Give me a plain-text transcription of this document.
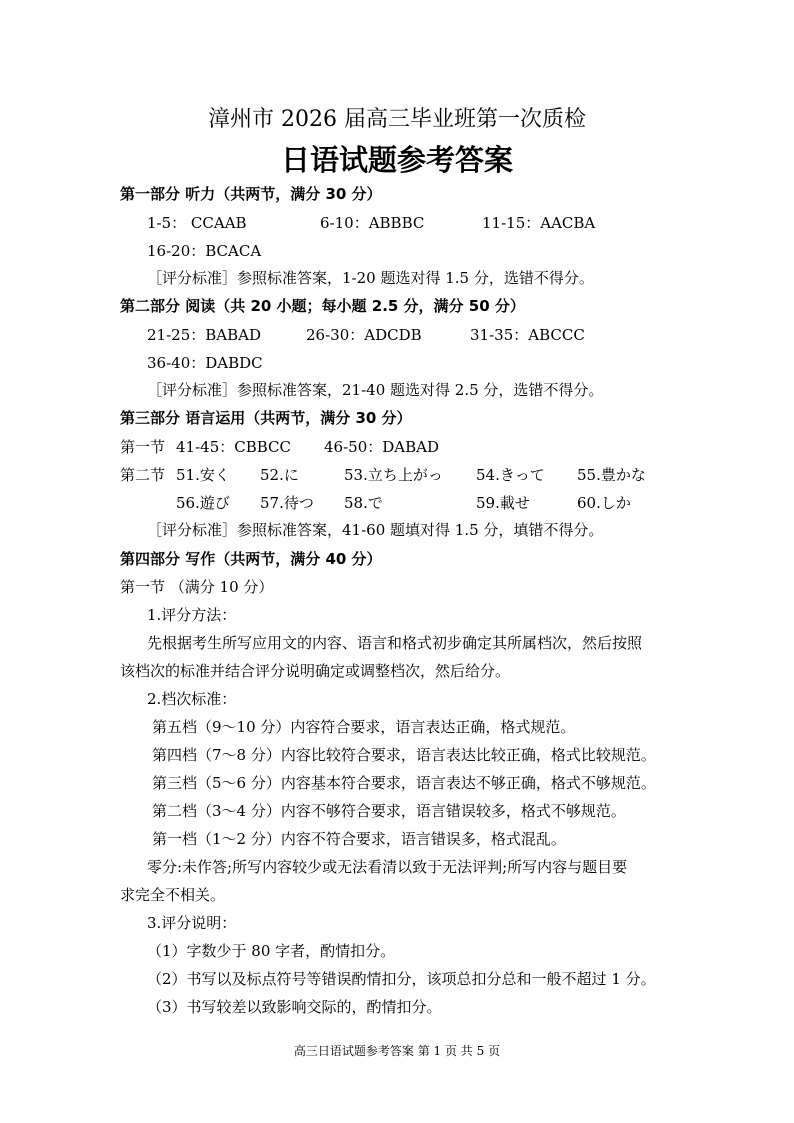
漳州市 2026 届高三毕业班第一次质检
日语试题参考答案
第一部分 听力（共两节，满分 30 分）
1-5： CCAAB	6-10：ABBBC	11-15：AACBA
16-20：BCACA
［评分标准］参照标准答案，1-20 题选对得 1.5 分，选错不得分。
第二部分 阅读（共 20 小题；每小题 2.5 分，满分 50 分）
21-25：BABAD	26-30：ADCDB	31-35：ABCCC
36-40：DABDC
［评分标准］参照标准答案，21-40 题选对得 2.5 分，选错不得分。
第三部分 语言运用（共两节，满分 30 分）
第一节 41-45：CBBCC 46-50：DABAD
第二节 51.安く 52.に	53.立ち上がっ 54.きって 55.豊かな
56.遊び 57.待つ 58.で	59.載せ	60.しか
［评分标准］参照标准答案，41-60 题填对得 1.5 分，填错不得分。
第四部分 写作（共两节，满分 40 分）
第一节 （满分 10 分）
1.评分方法：
先根据考生所写应用文的内容、语言和格式初步确定其所属档次，然后按照
该档次的标准并结合评分说明确定或调整档次，然后给分。
2.档次标准：
第五档（9～10 分）内容符合要求，语言表达正确，格式规范。
第四档（7～8 分）内容比较符合要求，语言表达比较正确，格式比较规范。
第三档（5～6 分）内容基本符合要求，语言表达不够正确，格式不够规范。
第二档（3～4 分）内容不够符合要求，语言错误较多，格式不够规范。
第一档（1～2 分）内容不符合要求，语言错误多，格式混乱。
零分:未作答;所写内容较少或无法看清以致于无法评判;所写内容与题目要
求完全不相关。
3.评分说明：
（1）字数少于 80 字者，酌情扣分。
（2）书写以及标点符号等错误酌情扣分，该项总扣分总和一般不超过 1 分。
（3）书写较差以致影响交际的，酌情扣分。
高三日语试题参考答案 第 1 页 共 5 页
